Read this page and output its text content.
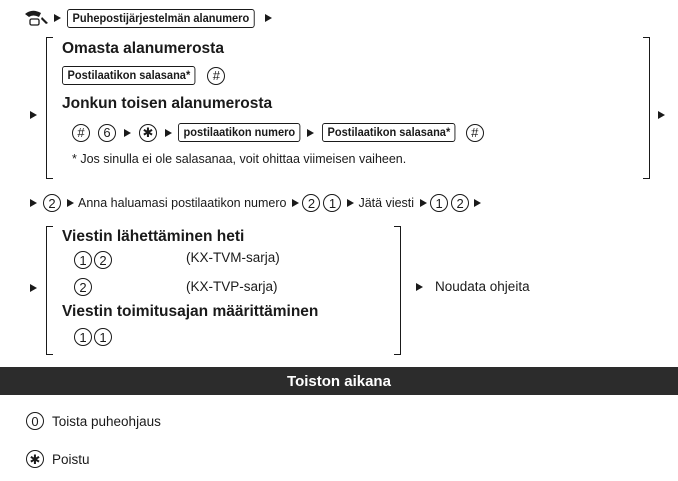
Puhepostijärjestelmän alanumero
Omasta alanumerosta
Postilaatikon salasana*	#
Jonkun toisen alanumerosta
#	6	✱	postilaatikon numero	Postilaatikon salasana*	#
* Jos sinulla ei ole salasanaa, voit ohittaa viimeisen vaiheen.
2	Anna haluamasi postilaatikon numero	2	1	Jätä viesti	1	2
Viestin lähettäminen heti
1 2	(KX-TVM-sarja)
2	(KX-TVP-sarja)
Viestin toimitusajan määrittäminen
1 1
Noudata ohjeita
Toiston aikana
0 Toista puheohjaus
✱ Poistu
